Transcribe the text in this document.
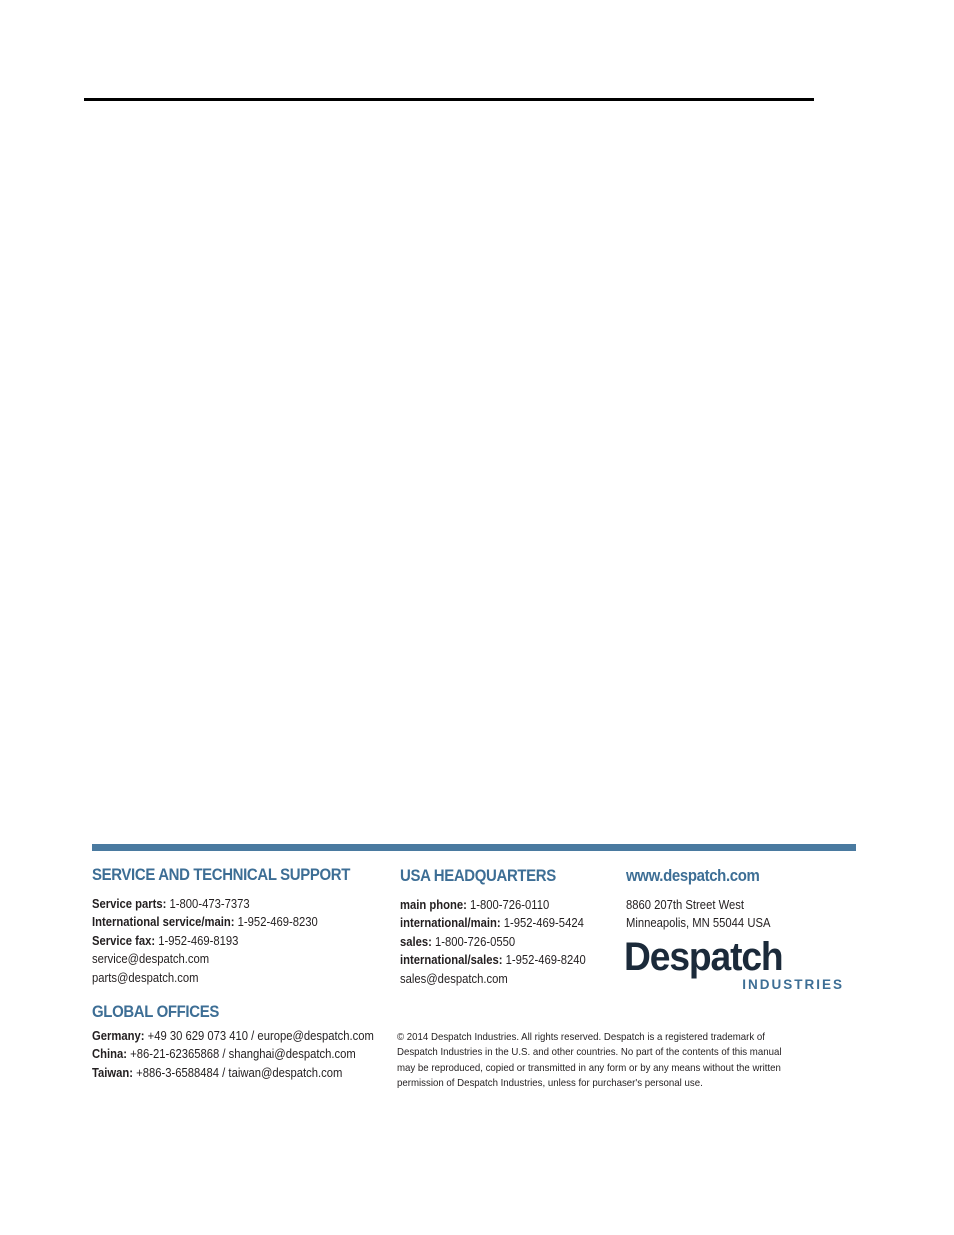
SERVICE AND TECHNICAL SUPPORT
Service parts: 1-800-473-7373
International service/main: 1-952-469-8230
Service fax: 1-952-469-8193
service@despatch.com
parts@despatch.com
USA HEADQUARTERS
main phone: 1-800-726-0110
international/main: 1-952-469-5424
sales: 1-800-726-0550
international/sales: 1-952-469-8240
sales@despatch.com
www.despatch.com
8860 207th Street West
Minneapolis, MN 55044 USA
Despatch
INDUSTRIES
GLOBAL OFFICES
Germany: +49 30 629 073 410 / europe@despatch.com
China: +86-21-62365868 / shanghai@despatch.com
Taiwan: +886-3-6588484 / taiwan@despatch.com
© 2014 Despatch Industries. All rights reserved. Despatch is a registered trademark of
Despatch Industries in the U.S. and other countries. No part of the contents of this manual
may be reproduced, copied or transmitted in any form or by any means without the written
permission of Despatch Industries, unless for purchaser's personal use.
